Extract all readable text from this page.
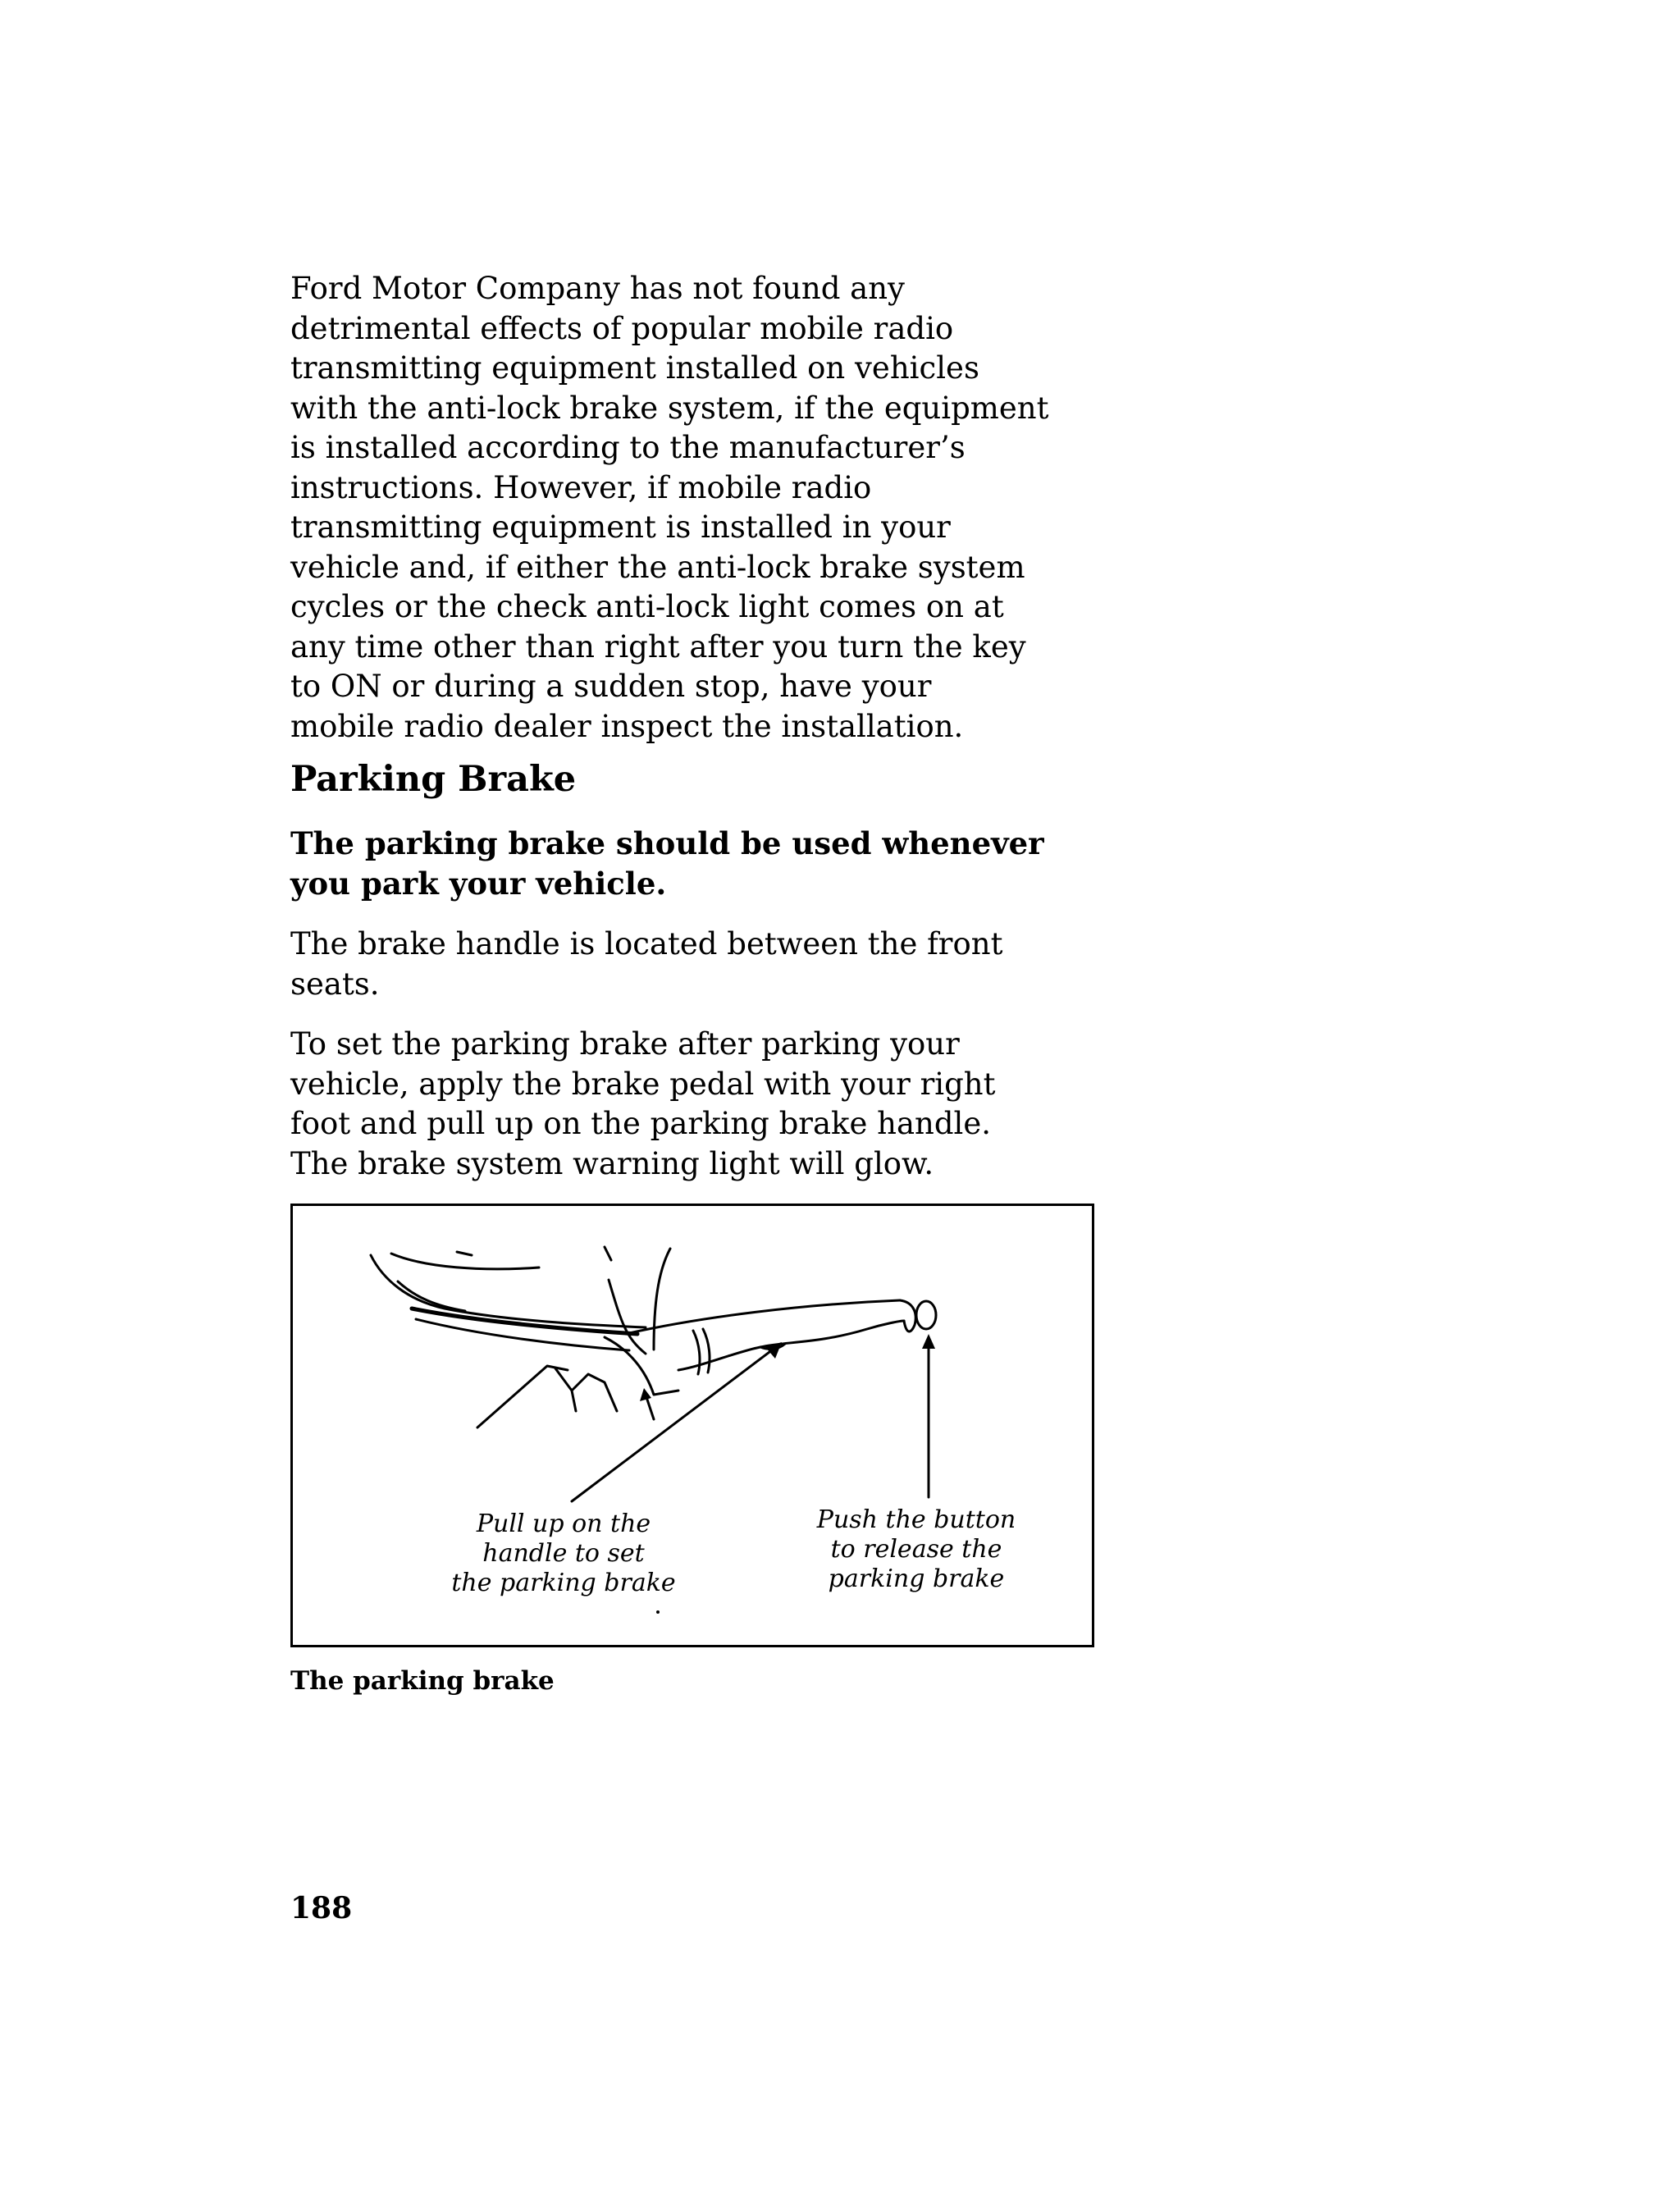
Ford Motor Company has not found any
detrimental effects of popular mobile radio
transmitting equipment installed on vehicles
with the anti-lock brake system, if the equipment
is installed according to the manufacturer’s
instructions. However, if mobile radio
transmitting equipment is installed in your
vehicle and, if either the anti-lock brake system
cycles or the check anti-lock light comes on at
any time other than right after you turn the key
to ON or during a sudden stop, have your
mobile radio dealer inspect the installation.

Parking Brake

The parking brake should be used whenever
you park your vehicle.

The brake handle is located between the front
seats.

To set the parking brake after parking your
vehicle, apply the brake pedal with your right
foot and pull up on the parking brake handle.
The brake system warning light will glow.

Pull up on the
handle to set
the parking brake
Push the button
to release the
parking brake

The parking brake

188
